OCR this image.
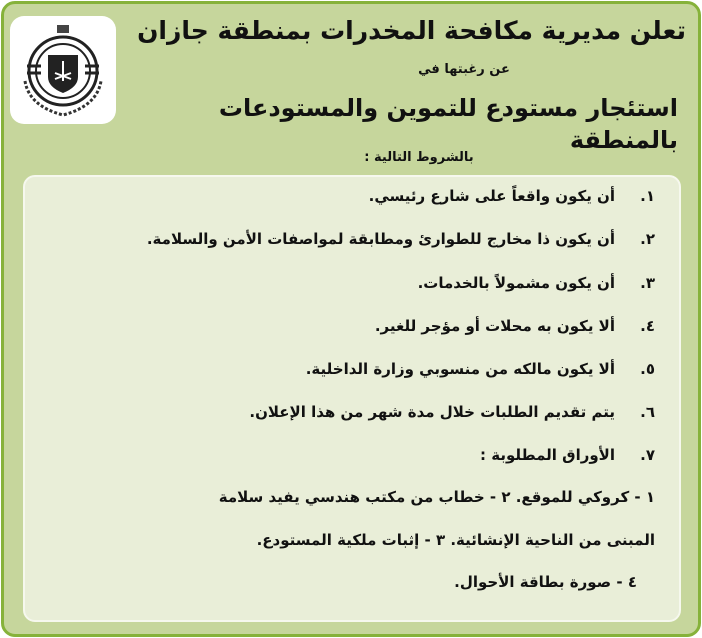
تعلن مديرية مكافحة المخدرات بمنطقة جازان
عن رغبتها في
استئجار مستودع للتموين والمستودعات بالمنطقة
بالشروط التالية :
١.
أن يكون واقعاً على شارع رئيسي.
٢.
أن يكون ذا مخارج للطوارئ ومطابقة لمواصفات الأمن والسلامة.
٣.
أن يكون مشمولاً بالخدمات.
٤.
ألا يكون به محلات أو مؤجر للغير.
٥.
ألا يكون مالكه من منسوبي وزارة الداخلية.
٦.
يتم تقديم الطلبات خلال مدة شهر من هذا الإعلان.
٧.
الأوراق المطلوبة :
١ - كروكي للموقع. ٢ - خطاب من مكتب هندسي يفيد سلامة
المبنى من الناحية الإنشائية. ٣ - إثبات ملكية المستودع.
٤ - صورة بطاقة الأحوال.
